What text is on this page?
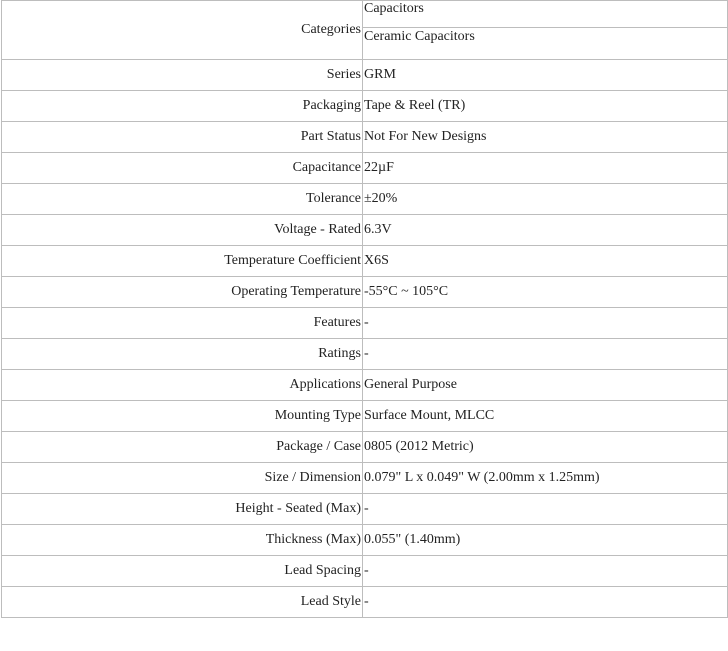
Categories	Capacitors
	Ceramic Capacitors
Series	GRM
Packaging	Tape & Reel (TR)
Part Status	Not For New Designs
Capacitance	22µF
Tolerance	±20%
Voltage - Rated	6.3V
Temperature Coefficient	X6S
Operating Temperature	-55°C ~ 105°C
Features	-
Ratings	-
Applications	General Purpose
Mounting Type	Surface Mount, MLCC
Package / Case	0805 (2012 Metric)
Size / Dimension	0.079" L x 0.049" W (2.00mm x 1.25mm)
Height - Seated (Max)	-
Thickness (Max)	0.055" (1.40mm)
Lead Spacing	-
Lead Style	-
